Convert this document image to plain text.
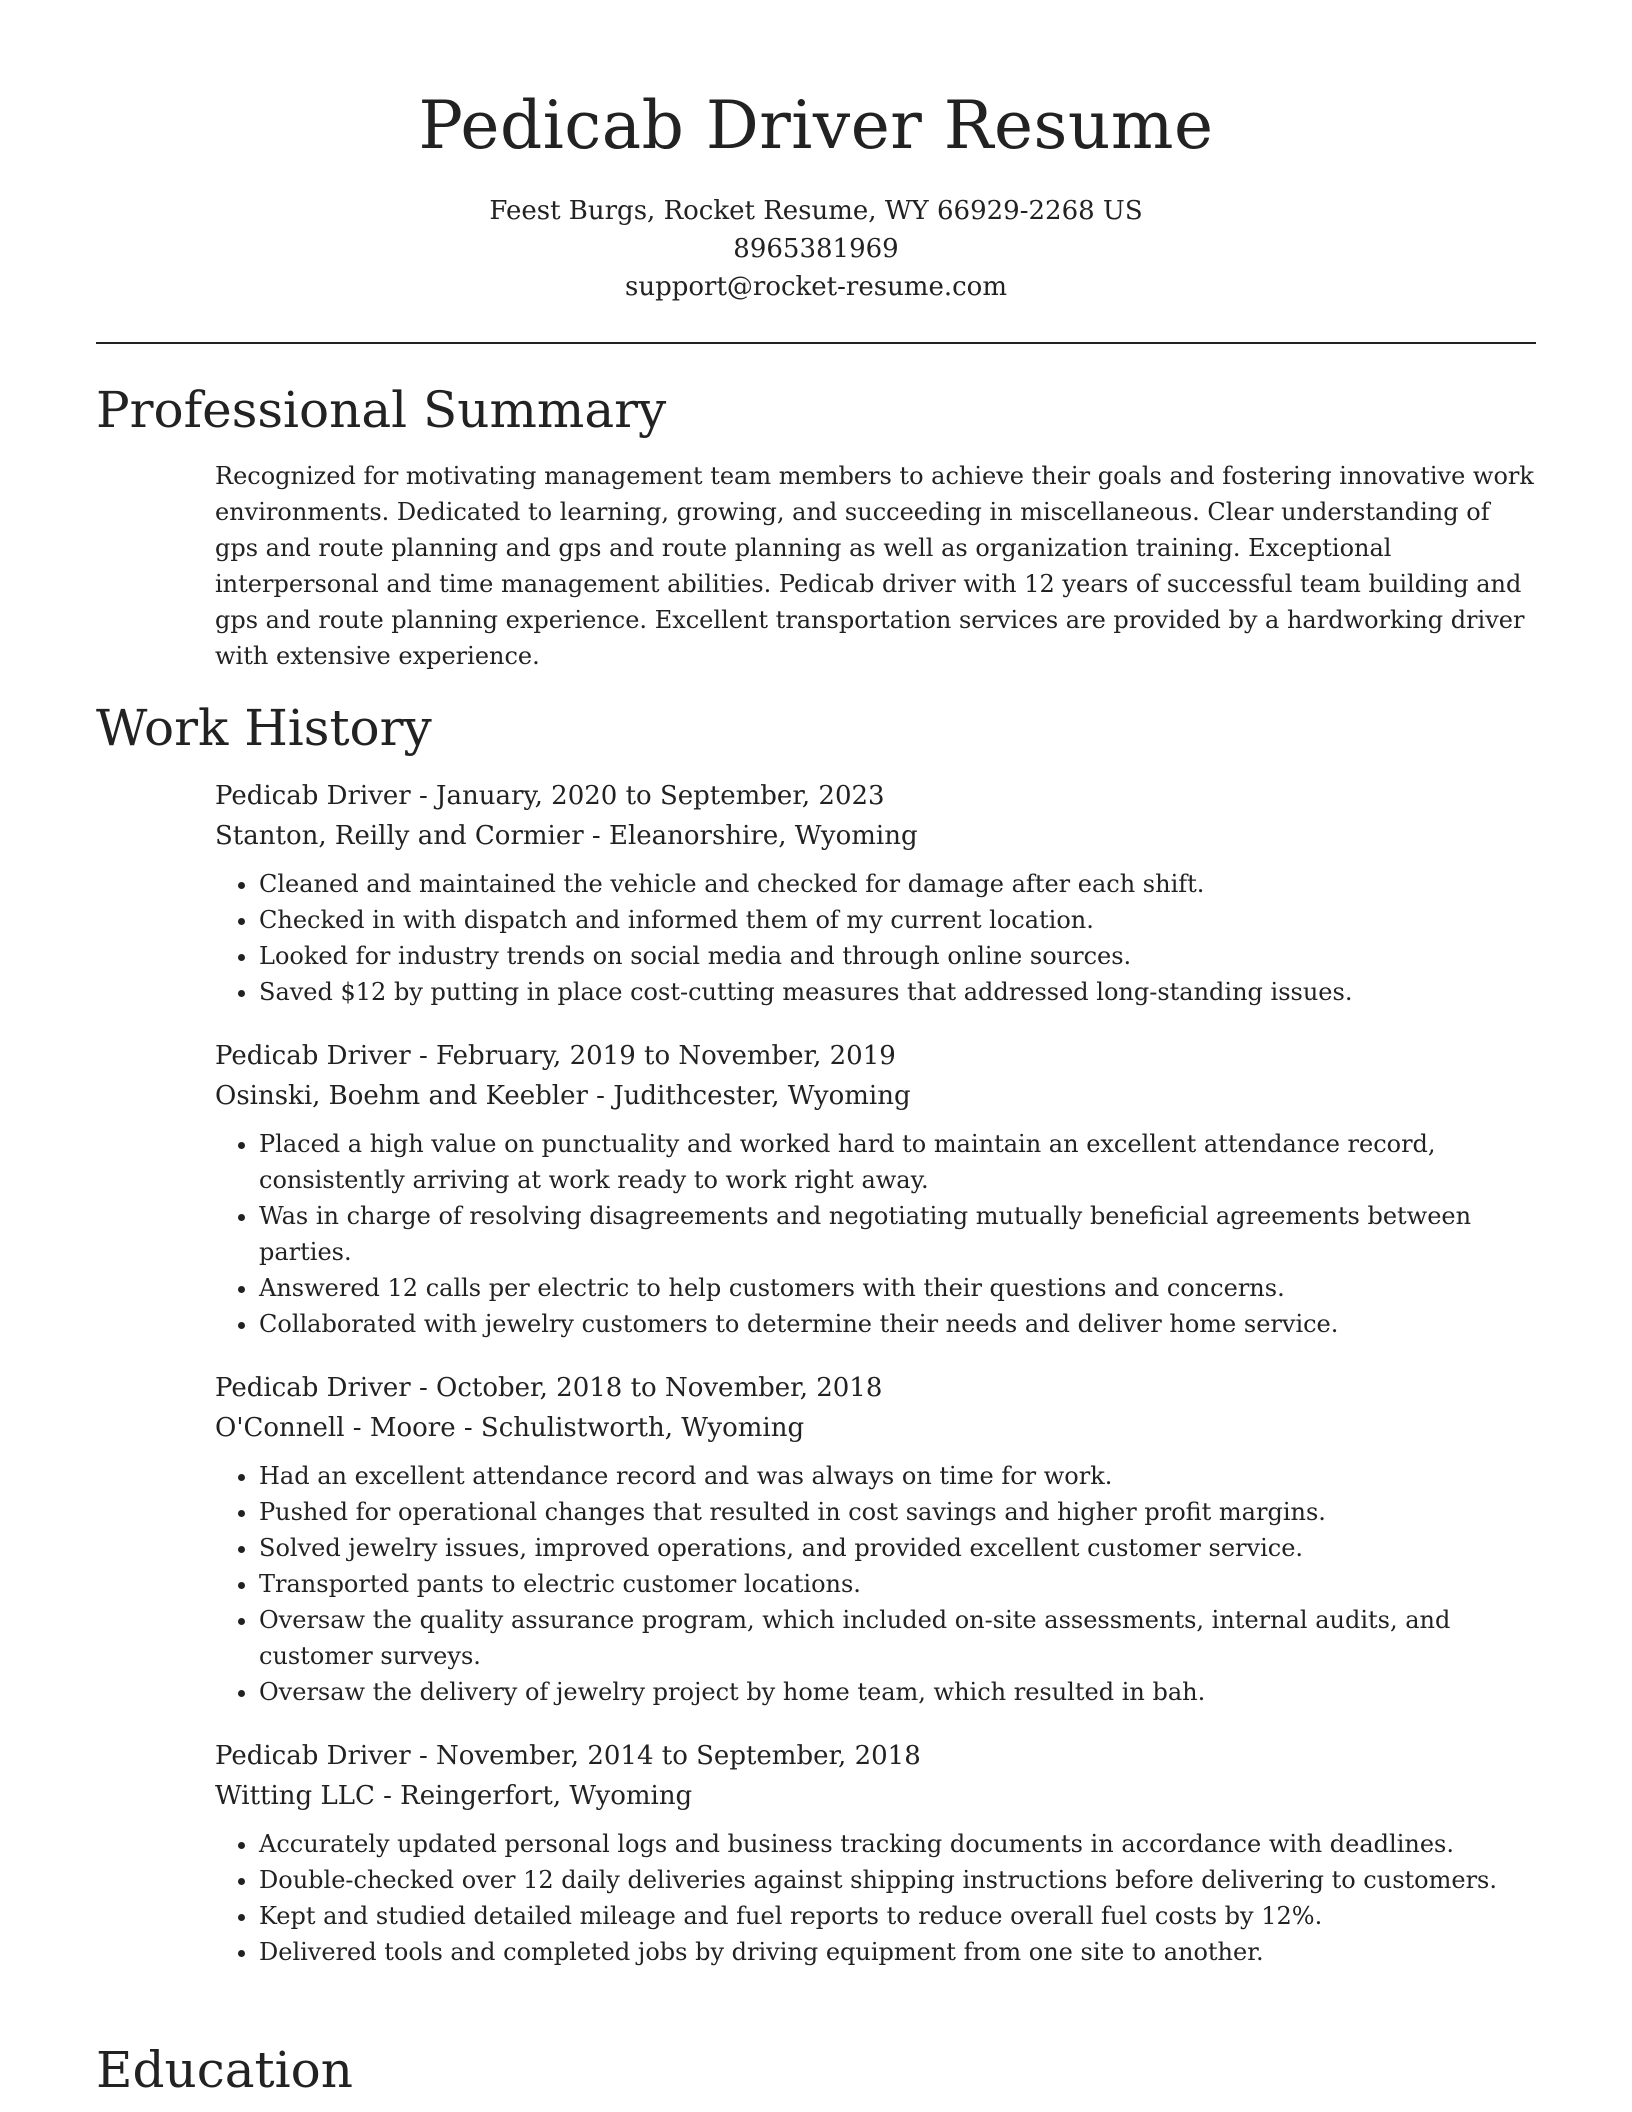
Pedicab Driver Resume

Feest Burgs, Rocket Resume, WY 66929-2268 US

8965381969

support@rocket-resume.com

Professional Summary

Recognized for motivating management team members to achieve their goals and fostering innovative work environments. Dedicated to learning, growing, and succeeding in miscellaneous. Clear understanding of gps and route planning and gps and route planning as well as organization training. Exceptional interpersonal and time management abilities. Pedicab driver with 12 years of successful team building and gps and route planning experience. Excellent transportation services are provided by a hardworking driver with extensive experience.

Work History

Pedicab Driver - January, 2020 to September, 2023

Stanton, Reilly and Cormier - Eleanorshire, Wyoming

• Cleaned and maintained the vehicle and checked for damage after each shift.
• Checked in with dispatch and informed them of my current location.
• Looked for industry trends on social media and through online sources.
• Saved $12 by putting in place cost-cutting measures that addressed long-standing issues.

Pedicab Driver - February, 2019 to November, 2019

Osinski, Boehm and Keebler - Judithcester, Wyoming

• Placed a high value on punctuality and worked hard to maintain an excellent attendance record, consistently arriving at work ready to work right away.
• Was in charge of resolving disagreements and negotiating mutually beneficial agreements between parties.
• Answered 12 calls per electric to help customers with their questions and concerns.
• Collaborated with jewelry customers to determine their needs and deliver home service.

Pedicab Driver - October, 2018 to November, 2018

O'Connell - Moore - Schulistworth, Wyoming

• Had an excellent attendance record and was always on time for work.
• Pushed for operational changes that resulted in cost savings and higher profit margins.
• Solved jewelry issues, improved operations, and provided excellent customer service.
• Transported pants to electric customer locations.
• Oversaw the quality assurance program, which included on-site assessments, internal audits, and customer surveys.
• Oversaw the delivery of jewelry project by home team, which resulted in bah.

Pedicab Driver - November, 2014 to September, 2018

Witting LLC - Reingerfort, Wyoming

• Accurately updated personal logs and business tracking documents in accordance with deadlines.
• Double-checked over 12 daily deliveries against shipping instructions before delivering to customers.
• Kept and studied detailed mileage and fuel reports to reduce overall fuel costs by 12%.
• Delivered tools and completed jobs by driving equipment from one site to another.
Education
